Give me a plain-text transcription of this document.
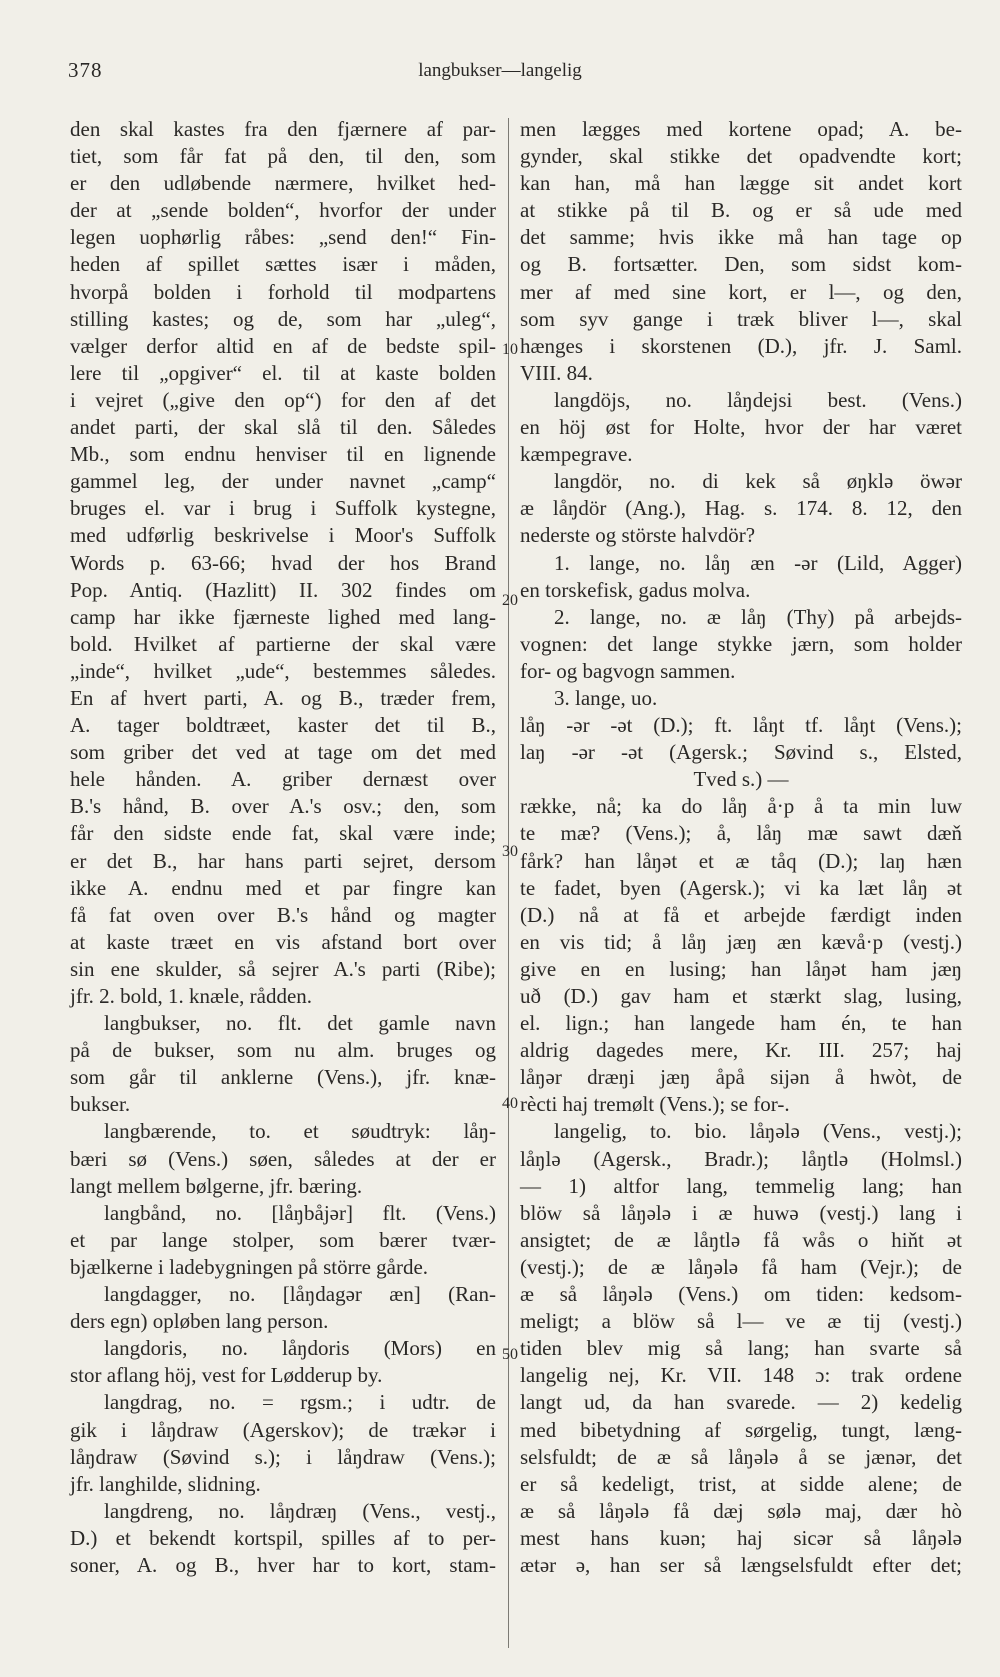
378	langbukser—langelig
10
20
30
40
50
den skal kastes fra den fjærnere af par-
tiet, som får fat på den, til den, som
er den udløbende nærmere, hvilket hed-
der at „sende bolden“, hvorfor der under
legen uophørlig råbes: „send den!“ Fin-
heden af spillet sættes især i måden,
hvorpå bolden i forhold til modpartens
stilling kastes; og de, som har „uleg“,
vælger derfor altid en af de bedste spil-
lere til „opgiver“ el. til at kaste bolden
i vejret („give den op“) for den af det
andet parti, der skal slå til den. Således
Mb., som endnu henviser til en lignende
gammel leg, der under navnet „camp“
bruges el. var i brug i Suffolk kystegne,
med udførlig beskrivelse i Moor's Suffolk
Words p. 63-66; hvad der hos Brand
Pop. Antiq. (Hazlitt) II. 302 findes om
camp har ikke fjærneste lighed med lang-
bold. Hvilket af partierne der skal være
„inde“, hvilket „ude“, bestemmes således.
En af hvert parti, A. og B., træder frem,
A. tager boldtræet, kaster det til B.,
som griber det ved at tage om det med
hele hånden. A. griber dernæst over
B.'s hånd, B. over A.'s osv.; den, som
får den sidste ende fat, skal være inde;
er det B., har hans parti sejret, dersom
ikke A. endnu med et par fingre kan
få fat oven over B.'s hånd og magter
at kaste træet en vis afstand bort over
sin ene skulder, så sejrer A.'s parti (Ribe);
jfr. 2. bold, 1. knæle, rådden.
langbukser, no. flt. det gamle navn
på de bukser, som nu alm. bruges og
som går til anklerne (Vens.), jfr. knæ-
bukser.
langbærende, to. et søudtryk: låŋ-
bæri sø (Vens.) søen, således at der er
langt mellem bølgerne, jfr. bæring.
langbånd, no. [låŋbåjər] flt. (Vens.)
et par lange stolper, som bærer tvær-
bjælkerne i ladebygningen på större gårde.
langdagger, no. [låŋdagər æn] (Ran-
ders egn) opløben lang person.
langdoris, no. låŋdoris (Mors) en
stor aflang höj, vest for Lødderup by.
langdrag, no. = rgsm.; i udtr. de
gik i låŋdraw (Agerskov); de trækər i
låŋdraw (Søvind s.); i låŋdraw (Vens.);
jfr. langhilde, slidning.
langdreng, no. låŋdræŋ (Vens., vestj.,
D.) et bekendt kortspil, spilles af to per-
soner, A. og B., hver har to kort, stam-
men lægges med kortene opad; A. be-
gynder, skal stikke det opadvendte kort;
kan han, må han lægge sit andet kort
at stikke på til B. og er så ude med
det samme; hvis ikke må han tage op
og B. fortsætter. Den, som sidst kom-
mer af med sine kort, er l—, og den,
som syv gange i træk bliver l—, skal
hænges i skorstenen (D.), jfr. J. Saml.
VIII. 84.
langdöjs, no. låŋdejsi best. (Vens.)
en höj øst for Holte, hvor der har været
kæmpegrave.
langdör, no. di kek så øŋklə öwər
æ låŋdör (Ang.), Hag. s. 174. 8. 12, den
nederste og störste halvdör?
1. lange, no. låŋ æn -ər (Lild, Agger)
en torskefisk, gadus molva.
2. lange, no. æ låŋ (Thy) på arbejds-
vognen: det lange stykke jærn, som holder
for- og bagvogn sammen.
3. lange, uo.
låŋ -ər -ət (D.); ft. låŋt tf. låŋt (Vens.);
laŋ -ər -ət (Agersk.; Søvind s., Elsted,
Tved s.) —
række, nå; ka do låŋ å·p å ta min luw
te mæ? (Vens.); å, låŋ mæ sawt dæň
fårk? han låŋət et æ tåq (D.); laŋ hæn
te fadet, byen (Agersk.); vi ka læt låŋ ət
(D.) nå at få et arbejde færdigt inden
en vis tid; å låŋ jæŋ æn kævå·p (vestj.)
give en en lusing; han låŋət ham jæŋ
uð (D.) gav ham et stærkt slag, lusing,
el. lign.; han langede ham én, te han
aldrig dagedes mere, Kr. III. 257; haj
låŋər dræŋi jæŋ åpå sijən å hwòt, de
rècti haj tremølt (Vens.); se for-.
langelig, to. bio. låŋələ (Vens., vestj.);
låŋlə (Agersk., Bradr.); låŋtlə (Holmsl.)
— 1) altfor lang, temmelig lang; han
blöw så låŋələ i æ huwə (vestj.) lang i
ansigtet; de æ låŋtlə få wås o hiňt ət
(vestj.); de æ låŋələ få ham (Vejr.); de
æ så låŋələ (Vens.) om tiden: kedsom-
meligt; a blöw så l— ve æ tij (vestj.)
tiden blev mig så lang; han svarte så
langelig nej, Kr. VII. 148 ɔ: trak ordene
langt ud, da han svarede. — 2) kedelig
med bibetydning af sørgelig, tungt, læng-
selsfuldt; de æ så låŋələ å se jænər, det
er så kedeligt, trist, at sidde alene; de
æ så låŋələ få dæj sølə maj, dær hò
mest hans kuən; haj sicər så låŋələ
ætər ə, han ser så længselsfuldt efter det;
